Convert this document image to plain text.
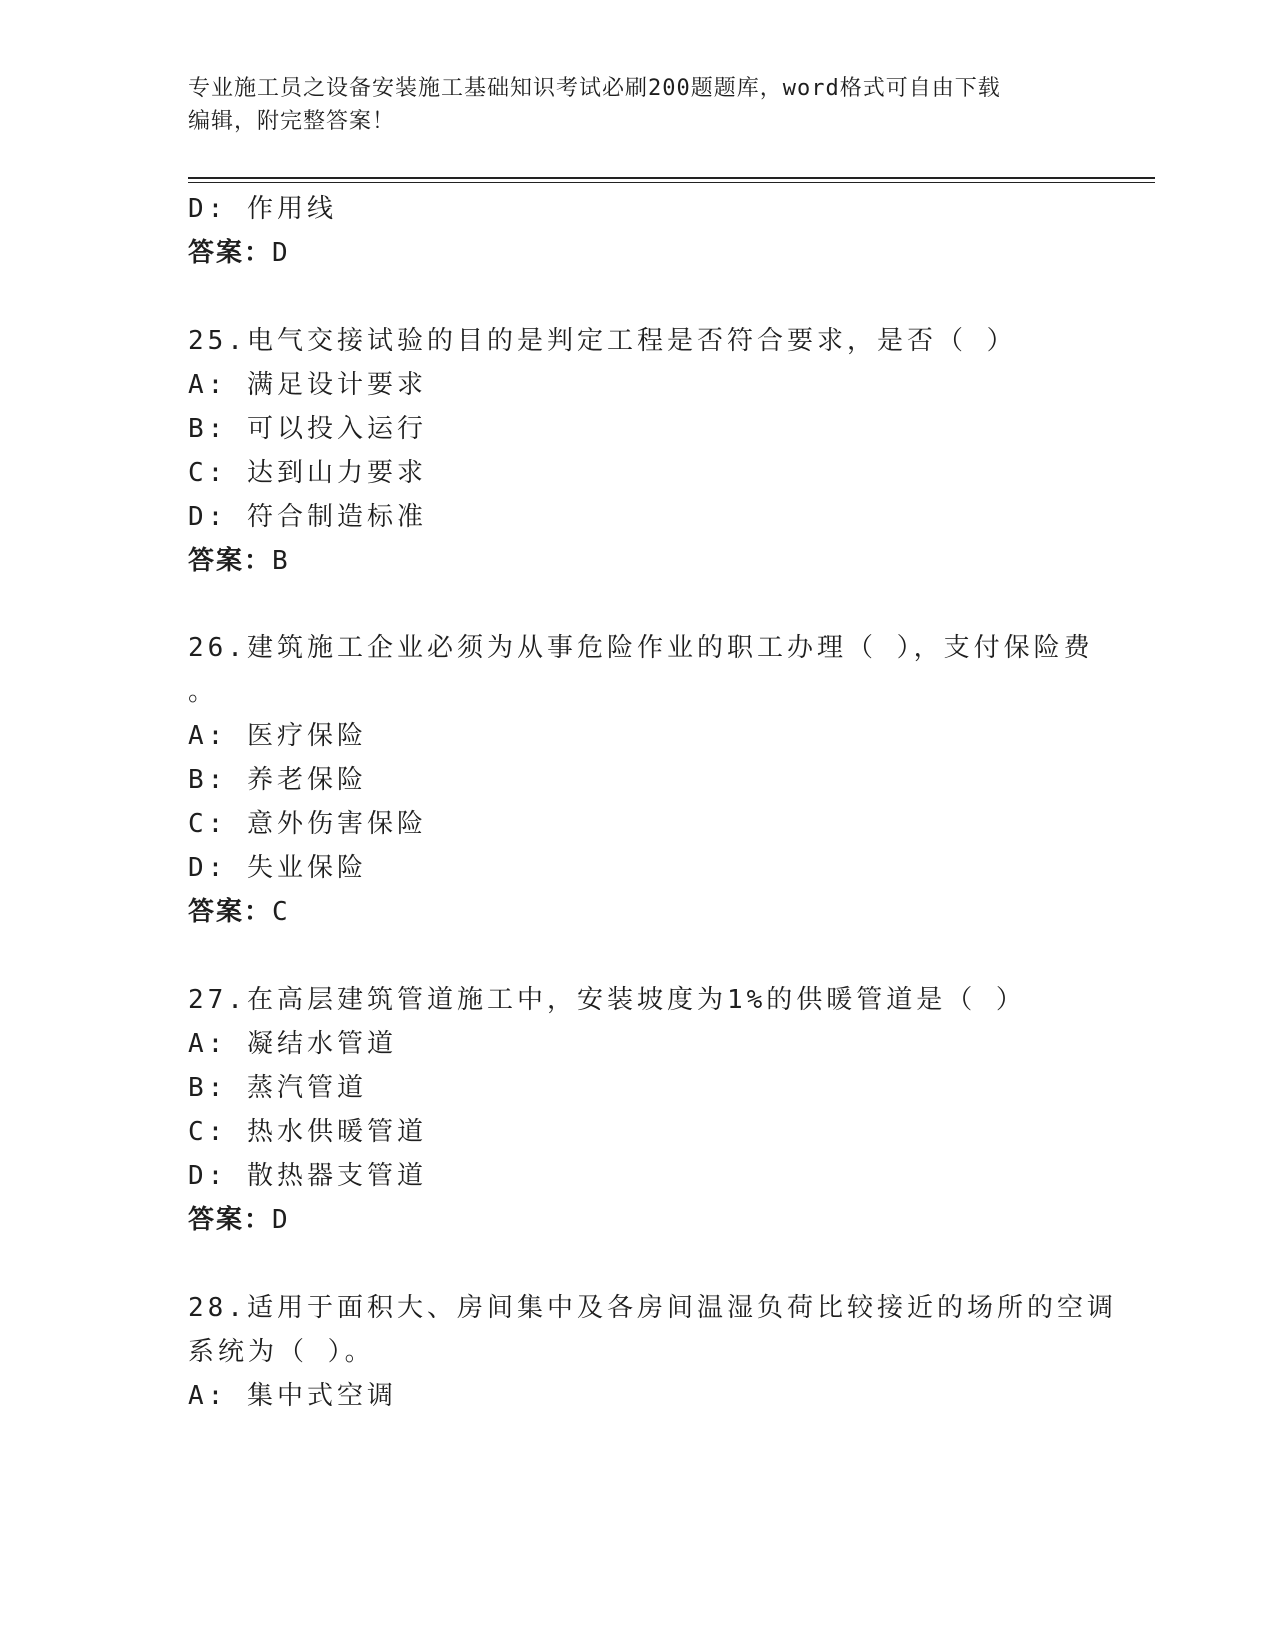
专业施工员之设备安装施工基础知识考试必刷200题题库，word格式可自由下载
编辑，附完整答案！
D: 作用线
答案：D
25.电气交接试验的目的是判定工程是否符合要求，是否（ ）
A: 满足设计要求
B: 可以投入运行
C: 达到山力要求
D: 符合制造标准
答案：B
26.建筑施工企业必须为从事危险作业的职工办理（ ），支付保险费
。
A: 医疗保险
B: 养老保险
C: 意外伤害保险
D: 失业保险
答案：C
27.在高层建筑管道施工中，安装坡度为1%的供暖管道是（ ）
A: 凝结水管道
B: 蒸汽管道
C: 热水供暖管道
D: 散热器支管道
答案：D
28.适用于面积大、房间集中及各房间温湿负荷比较接近的场所的空调
系统为（ ）。
A: 集中式空调
